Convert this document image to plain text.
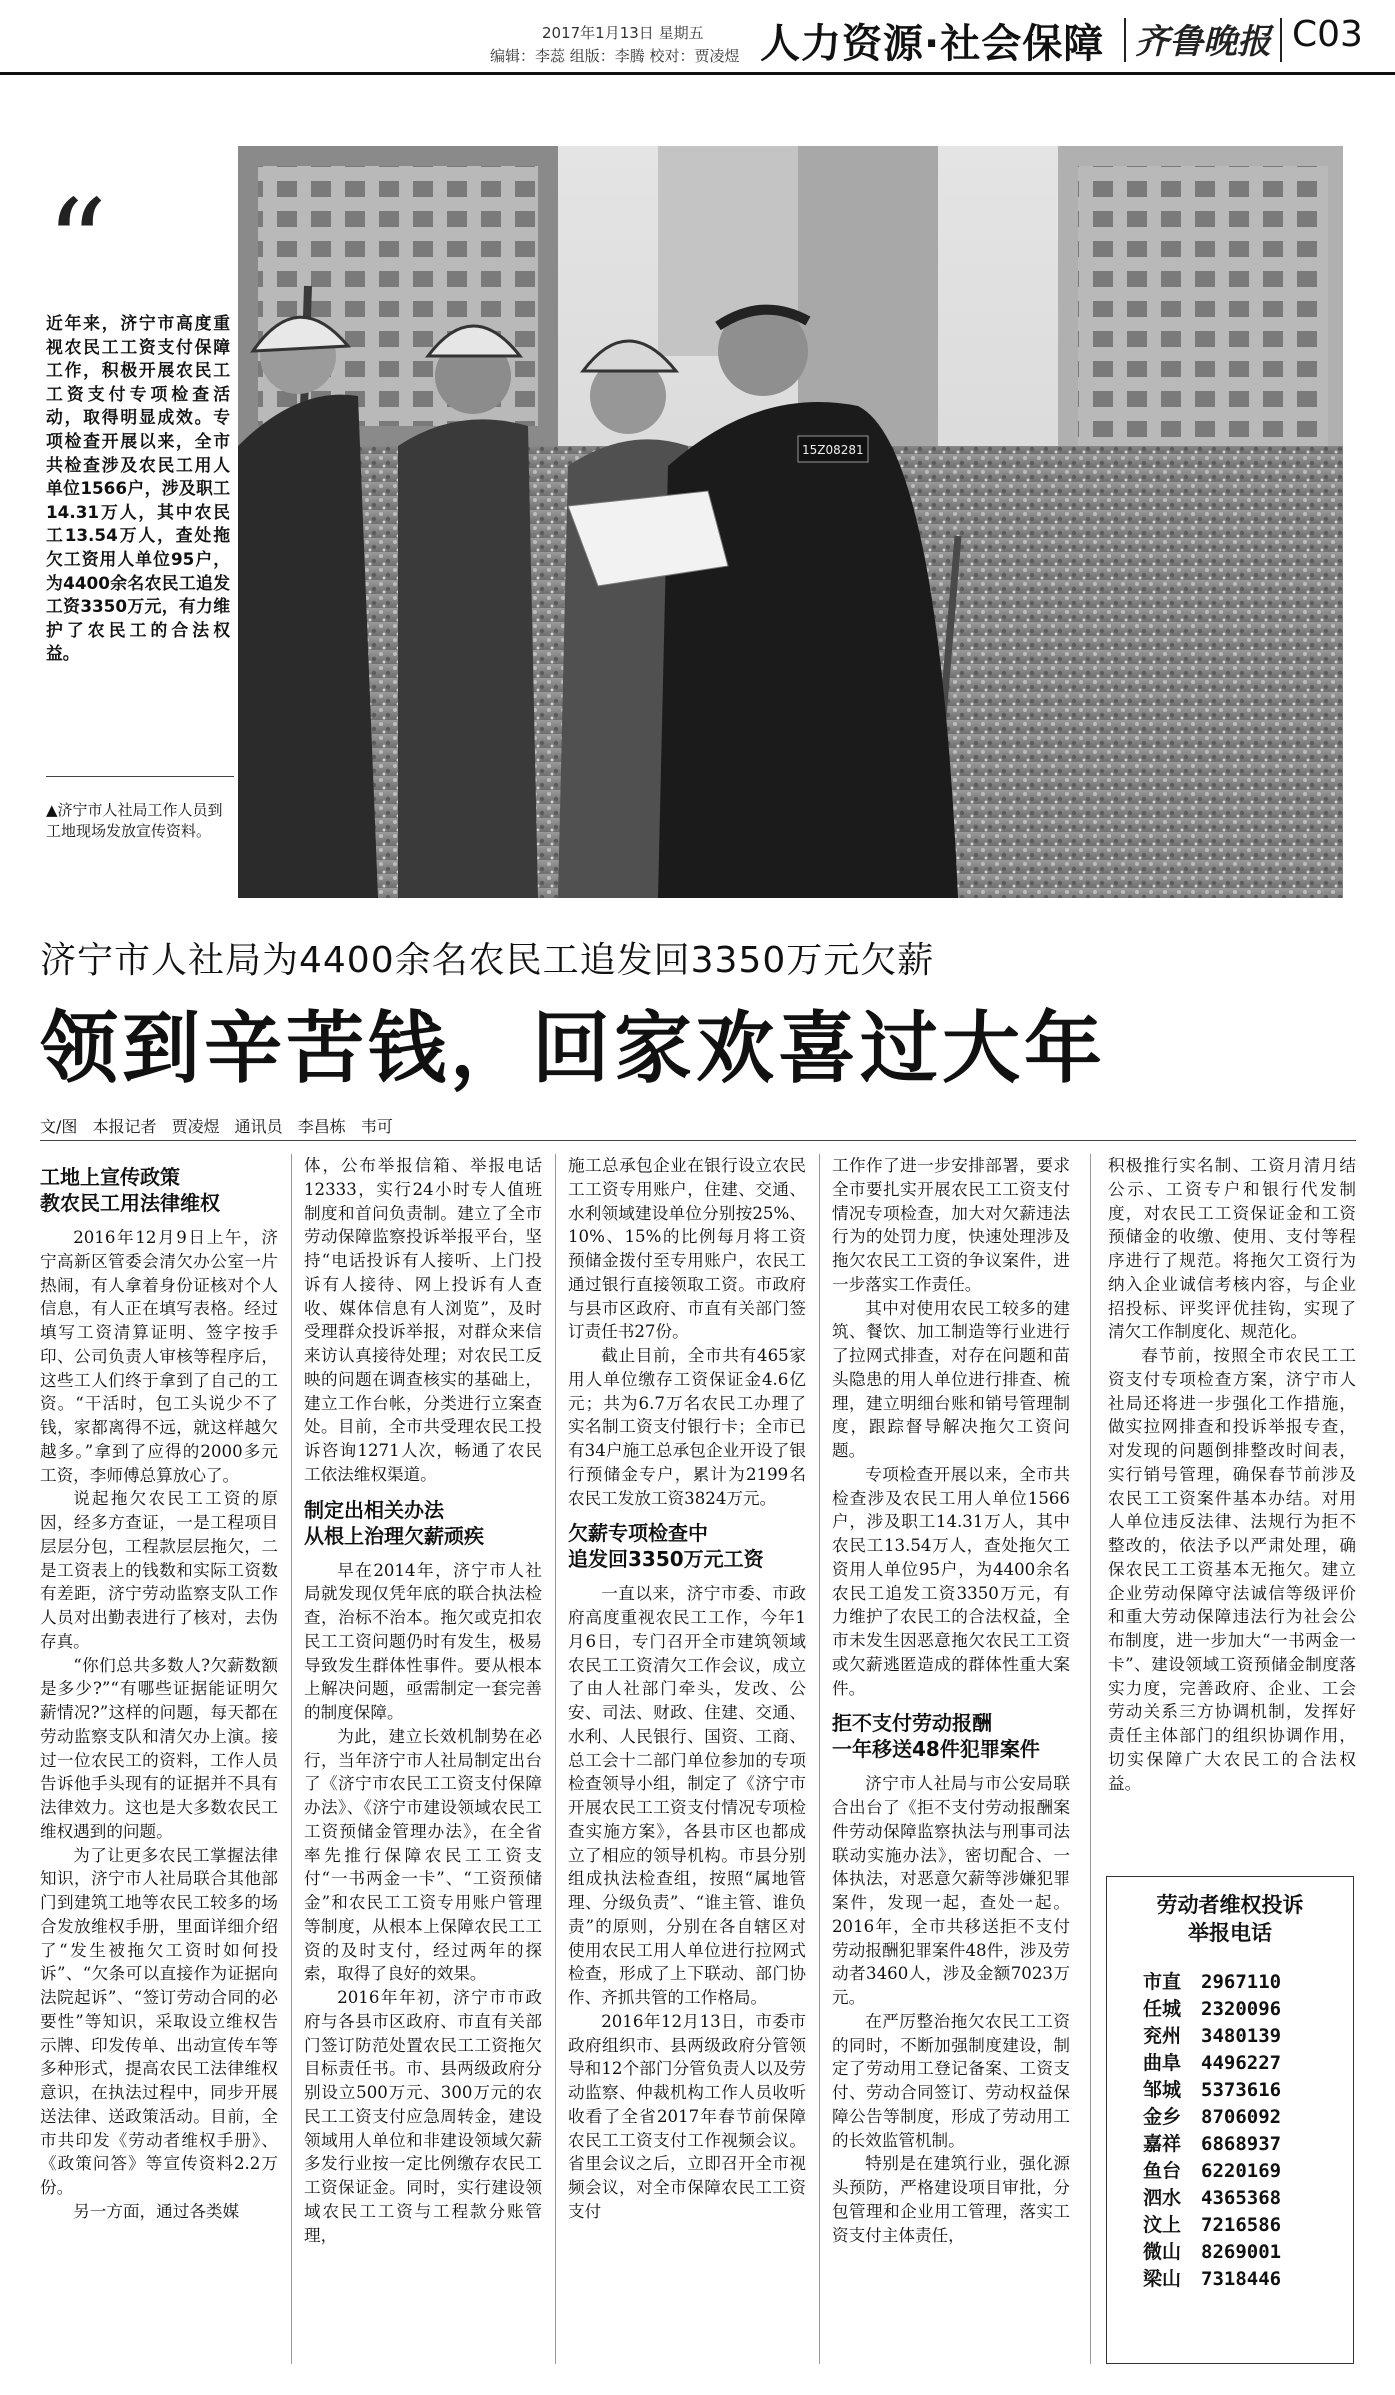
2017年1月13日 星期五
编辑：李蕊 组版：李腾 校对：贾凌煜 人力资源·社会保障 齐鲁晚报 C03
15Z08281
“
近年来，济宁市高度重视农民工工资支付保障工作，积极开展农民工工资支付专项检查活动，取得明显成效。专项检查开展以来，全市共检查涉及农民工用人单位1566户，涉及职工14.31万人，其中农民工13.54万人，查处拖欠工资用人单位95户，为4400余名农民工追发工资3350万元，有力维护了农民工的合法权益。
▲济宁市人社局工作人员到工地现场发放宣传资料。
济宁市人社局为4400余名农民工追发回3350万元欠薪
领到辛苦钱，回家欢喜过大年
文/图 本报记者 贾凌煜 通讯员 李昌栋 韦可
工地上宣传政策
教农民工用法律维权

2016年12月9日上午，济宁高新区管委会清欠办公室一片热闹，有人拿着身份证核对个人信息，有人正在填写表格。经过填写工资清算证明、签字按手印、公司负责人审核等程序后，这些工人们终于拿到了自己的工资。“干活时，包工头说少不了钱，家都离得不远，就这样越欠越多。”拿到了应得的2000多元工资，李师傅总算放心了。

说起拖欠农民工工资的原因，经多方查证，一是工程项目层层分包，工程款层层拖欠，二是工资表上的钱数和实际工资数有差距，济宁劳动监察支队工作人员对出勤表进行了核对，去伪存真。

“你们总共多数人?欠薪数额是多少?”“有哪些证据能证明欠薪情况?”这样的问题，每天都在劳动监察支队和清欠办上演。接过一位农民工的资料，工作人员告诉他手头现有的证据并不具有法律效力。这也是大多数农民工维权遇到的问题。

为了让更多农民工掌握法律知识，济宁市人社局联合其他部门到建筑工地等农民工较多的场合发放维权手册，里面详细介绍了“发生被拖欠工资时如何投诉”、“欠条可以直接作为证据向法院起诉”、“签订劳动合同的必要性”等知识，采取设立维权告示牌、印发传单、出动宣传车等多种形式，提高农民工法律维权意识，在执法过程中，同步开展送法律、送政策活动。目前，全市共印发《劳动者维权手册》、《政策问答》等宣传资料2.2万份。

另一方面，通过各类媒

体，公布举报信箱、举报电话12333，实行24小时专人值班制度和首问负责制。建立了全市劳动保障监察投诉举报平台，坚持“电话投诉有人接听、上门投诉有人接待、网上投诉有人查收、媒体信息有人浏览”，及时受理群众投诉举报，对群众来信来访认真接待处理；对农民工反映的问题在调查核实的基础上，建立工作台帐，分类进行立案查处。目前，全市共受理农民工投诉咨询1271人次，畅通了农民工依法维权渠道。

制定出相关办法
从根上治理欠薪顽疾

早在2014年，济宁市人社局就发现仅凭年底的联合执法检查，治标不治本。拖欠或克扣农民工工资问题仍时有发生，极易导致发生群体性事件。要从根本上解决问题，亟需制定一套完善的制度保障。

为此，建立长效机制势在必行，当年济宁市人社局制定出台了《济宁市农民工工资支付保障办法》、《济宁市建设领域农民工工资预储金管理办法》，在全省率先推行保障农民工工资支付“一书两金一卡”、“工资预储金”和农民工工资专用账户管理等制度，从根本上保障农民工工资的及时支付，经过两年的探索，取得了良好的效果。

2016年年初，济宁市市政府与各县市区政府、市直有关部门签订防范处置农民工工资拖欠目标责任书。市、县两级政府分别设立500万元、300万元的农民工工资支付应急周转金，建设领域用人单位和非建设领域欠薪多发行业按一定比例缴存农民工工资保证金。同时，实行建设领域农民工工资与工程款分账管理，

施工总承包企业在银行设立农民工工资专用账户，住建、交通、水利领域建设单位分别按25%、10%、15%的比例每月将工资预储金拨付至专用账户，农民工通过银行直接领取工资。市政府与县市区政府、市直有关部门签订责任书27份。

截止目前，全市共有465家用人单位缴存工资保证金4.6亿元；共为6.7万名农民工办理了实名制工资支付银行卡；全市已有34户施工总承包企业开设了银行预储金专户，累计为2199名农民工发放工资3824万元。

欠薪专项检查中
追发回3350万元工资

一直以来，济宁市委、市政府高度重视农民工工作，今年1月6日，专门召开全市建筑领域农民工工资清欠工作会议，成立了由人社部门牵头，发改、公安、司法、财政、住建、交通、水利、人民银行、国资、工商、总工会十二部门单位参加的专项检查领导小组，制定了《济宁市开展农民工工资支付情况专项检查实施方案》，各县市区也都成立了相应的领导机构。市县分别组成执法检查组，按照“属地管理、分级负责”、“谁主管、谁负责”的原则，分别在各自辖区对使用农民工用人单位进行拉网式检查，形成了上下联动、部门协作、齐抓共管的工作格局。

2016年12月13日，市委市政府组织市、县两级政府分管领导和12个部门分管负责人以及劳动监察、仲裁机构工作人员收听收看了全省2017年春节前保障农民工工资支付工作视频会议。省里会议之后，立即召开全市视频会议，对全市保障农民工工资支付

工作作了进一步安排部署，要求全市要扎实开展农民工工资支付情况专项检查，加大对欠薪违法行为的处罚力度，快速处理涉及拖欠农民工工资的争议案件，进一步落实工作责任。

其中对使用农民工较多的建筑、餐饮、加工制造等行业进行了拉网式排查，对存在问题和苗头隐患的用人单位进行排查、梳理，建立明细台账和销号管理制度，跟踪督导解决拖欠工资问题。

专项检查开展以来，全市共检查涉及农民工用人单位1566户，涉及职工14.31万人，其中农民工13.54万人，查处拖欠工资用人单位95户，为4400余名农民工追发工资3350万元，有力维护了农民工的合法权益，全市未发生因恶意拖欠农民工工资或欠薪逃匿造成的群体性重大案件。

拒不支付劳动报酬
一年移送48件犯罪案件

济宁市人社局与市公安局联合出台了《拒不支付劳动报酬案件劳动保障监察执法与刑事司法联动实施办法》，密切配合、一体执法，对恶意欠薪等涉嫌犯罪案件，发现一起，查处一起。2016年，全市共移送拒不支付劳动报酬犯罪案件48件，涉及劳动者3460人，涉及金额7023万元。

在严厉整治拖欠农民工工资的同时，不断加强制度建设，制定了劳动用工登记备案、工资支付、劳动合同签订、劳动权益保障公告等制度，形成了劳动用工的长效监管机制。

特别是在建筑行业，强化源头预防，严格建设项目审批，分包管理和企业用工管理，落实工资支付主体责任，

积极推行实名制、工资月清月结公示、工资专户和银行代发制度，对农民工工资保证金和工资预储金的收缴、使用、支付等程序进行了规范。将拖欠工资行为纳入企业诚信考核内容，与企业招投标、评奖评优挂钩，实现了清欠工作制度化、规范化。

春节前，按照全市农民工工资支付专项检查方案，济宁市人社局还将进一步强化工作措施，做实拉网排查和投诉举报专查，对发现的问题倒排整改时间表，实行销号管理，确保春节前涉及农民工工资案件基本办结。对用人单位违反法律、法规行为拒不整改的，依法予以严肃处理，确保农民工工资基本无拖欠。建立企业劳动保障守法诚信等级评价和重大劳动保障违法行为社会公布制度，进一步加大“一书两金一卡”、建设领域工资预储金制度落实力度，完善政府、企业、工会劳动关系三方协调机制，发挥好责任主体部门的组织协调作用，切实保障广大农民工的合法权益。

劳动者维权投诉
举报电话
市直	2967110
任城	2320096
兖州	3480139
曲阜	4496227
邹城	5373616
金乡	8706092
嘉祥	6868937
鱼台	6220169
泗水	4365368
汶上	7216586
微山	8269001
梁山	7318446
